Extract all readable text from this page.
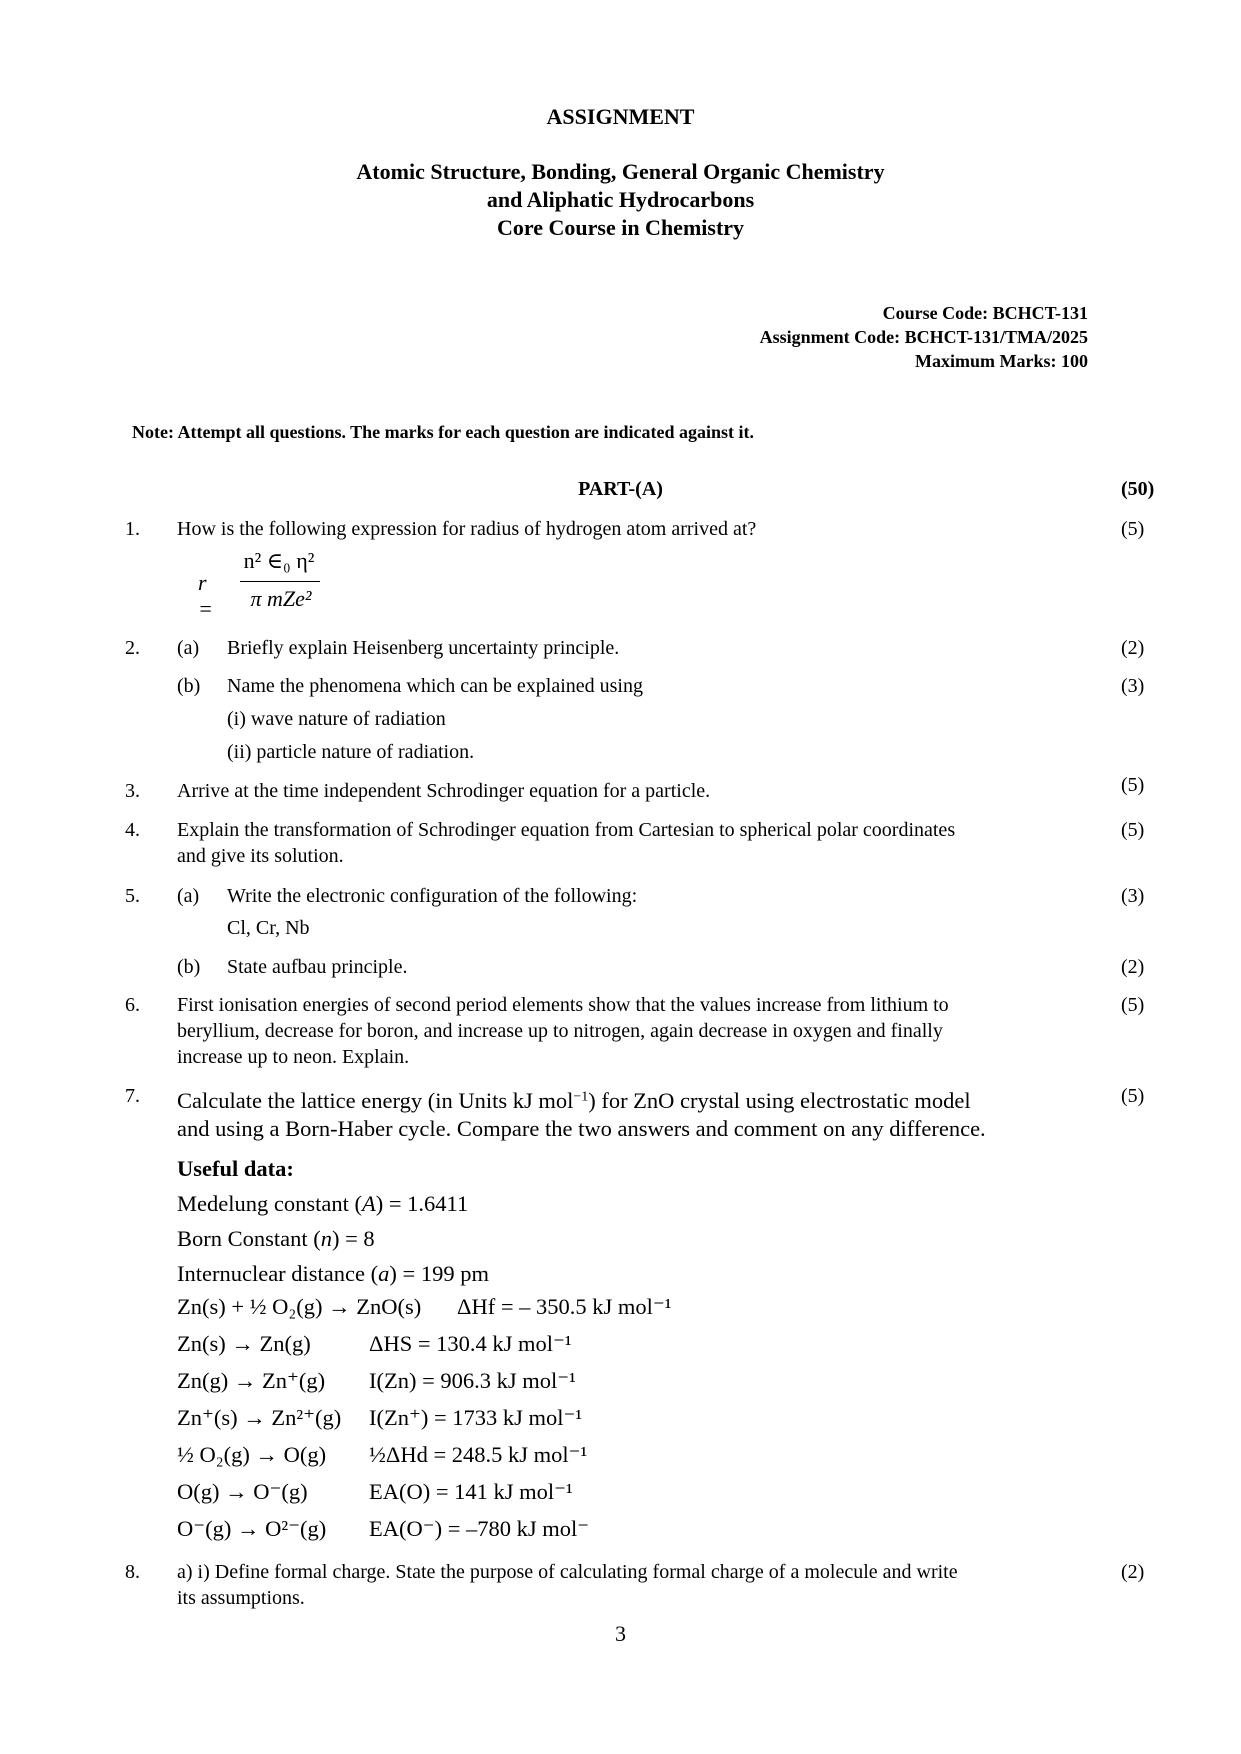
ASSIGNMENT
Atomic Structure, Bonding, General Organic Chemistry
and Aliphatic Hydrocarbons
Core Course in Chemistry
Course Code: BCHCT-131
Assignment Code: BCHCT-131/TMA/2025
Maximum Marks: 100
Note: Attempt all questions. The marks for each question are indicated against it.
PART-(A)	(50)
1. How is the following expression for radius of hydrogen atom arrived at?	(5)
r =
n² ∈₀ η²
π mZe²
2. (a) Briefly explain Heisenberg uncertainty principle.	(2)
(b) Name the phenomena which can be explained using	(3)
(i) wave nature of radiation
(ii) particle nature of radiation.
3. Arrive at the time independent Schrodinger equation for a particle.	(5)
4. Explain the transformation of Schrodinger equation from Cartesian to spherical polar coordinates
and give its solution.
(5)
5. (a) Write the electronic configuration of the following:	(3)
Cl, Cr, Nb
(b) State aufbau principle.	(2)
6. First ionisation energies of second period elements show that the values increase from lithium to
beryllium, decrease for boron, and increase up to nitrogen, again decrease in oxygen and finally
increase up to neon. Explain.
(5)
7. Calculate the lattice energy (in Units kJ mol$^{-1}$) for ZnO crystal using electrostatic model
and using a Born-Haber cycle. Compare the two answers and comment on any difference.
(5)
Useful data:
Medelung constant (A) = 1.6411
Born Constant (n) = 8
Internuclear distance (a) = 199 pm
Zn(s) + ½ O₂(g) → ZnO(s) ΔHf = – 350.5 kJ mol⁻¹
Zn(s) → Zn(g)	ΔHS = 130.4 kJ mol⁻¹
Zn(g) → Zn⁺(g) I(Zn) = 906.3 kJ mol⁻¹
Zn⁺(s) → Zn²⁺(g) I(Zn⁺) = 1733 kJ mol⁻¹
½ O₂(g) → O(g) ½ΔHd = 248.5 kJ mol⁻¹
O(g) → O⁻(g)	EA(O) = 141 kJ mol⁻¹
O⁻(g) → O²⁻(g) EA(O⁻) = –780 kJ mol⁻
8. a) i) Define formal charge. State the purpose of calculating formal charge of a molecule and write
its assumptions.
(2)
3
